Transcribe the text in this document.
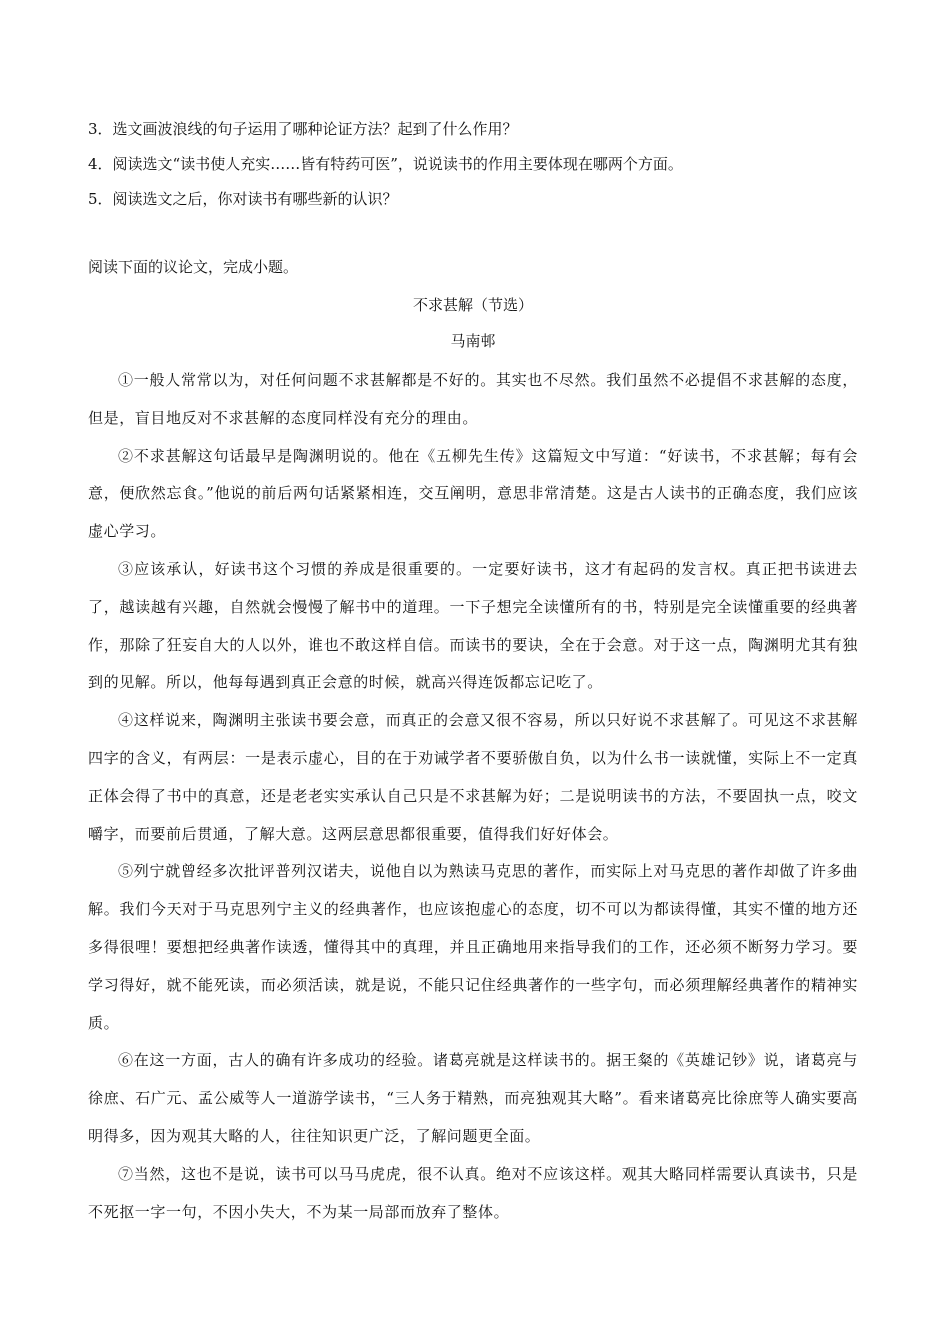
3．选文画波浪线的句子运用了哪种论证方法？起到了什么作用？

4．阅读选文“读书使人充实……皆有特药可医”，说说读书的作用主要体现在哪两个方面。

5．阅读选文之后，你对读书有哪些新的认识？

阅读下面的议论文，完成小题。

不求甚解（节选）

马南邨

①一般人常常以为，对任何问题不求甚解都是不好的。其实也不尽然。我们虽然不必提倡不求甚解的态度，但是，盲目地反对不求甚解的态度同样没有充分的理由。

②不求甚解这句话最早是陶渊明说的。他在《五柳先生传》这篇短文中写道：“好读书，不求甚解；每有会意，便欣然忘食。”他说的前后两句话紧紧相连，交互阐明，意思非常清楚。这是古人读书的正确态度，我们应该虚心学习。

③应该承认，好读书这个习惯的养成是很重要的。一定要好读书，这才有起码的发言权。真正把书读进去了，越读越有兴趣，自然就会慢慢了解书中的道理。一下子想完全读懂所有的书，特别是完全读懂重要的经典著作，那除了狂妄自大的人以外，谁也不敢这样自信。而读书的要诀，全在于会意。对于这一点，陶渊明尤其有独到的见解。所以，他每每遇到真正会意的时候，就高兴得连饭都忘记吃了。

④这样说来，陶渊明主张读书要会意，而真正的会意又很不容易，所以只好说不求甚解了。可见这不求甚解四字的含义，有两层：一是表示虚心，目的在于劝诫学者不要骄傲自负，以为什么书一读就懂，实际上不一定真正体会得了书中的真意，还是老老实实承认自己只是不求甚解为好；二是说明读书的方法，不要固执一点，咬文嚼字，而要前后贯通，了解大意。这两层意思都很重要，值得我们好好体会。

⑤列宁就曾经多次批评普列汉诺夫，说他自以为熟读马克思的著作，而实际上对马克思的著作却做了许多曲解。我们今天对于马克思列宁主义的经典著作，也应该抱虚心的态度，切不可以为都读得懂，其实不懂的地方还多得很哩！要想把经典著作读透，懂得其中的真理，并且正确地用来指导我们的工作，还必须不断努力学习。要学习得好，就不能死读，而必须活读，就是说，不能只记住经典著作的一些字句，而必须理解经典著作的精神实质。

⑥在这一方面，古人的确有许多成功的经验。诸葛亮就是这样读书的。据王粲的《英雄记钞》说，诸葛亮与徐庶、石广元、孟公威等人一道游学读书，“三人务于精熟，而亮独观其大略”。看来诸葛亮比徐庶等人确实要高明得多，因为观其大略的人，往往知识更广泛，了解问题更全面。

⑦当然，这也不是说，读书可以马马虎虎，很不认真。绝对不应该这样。观其大略同样需要认真读书，只是不死抠一字一句，不因小失大，不为某一局部而放弃了整体。
